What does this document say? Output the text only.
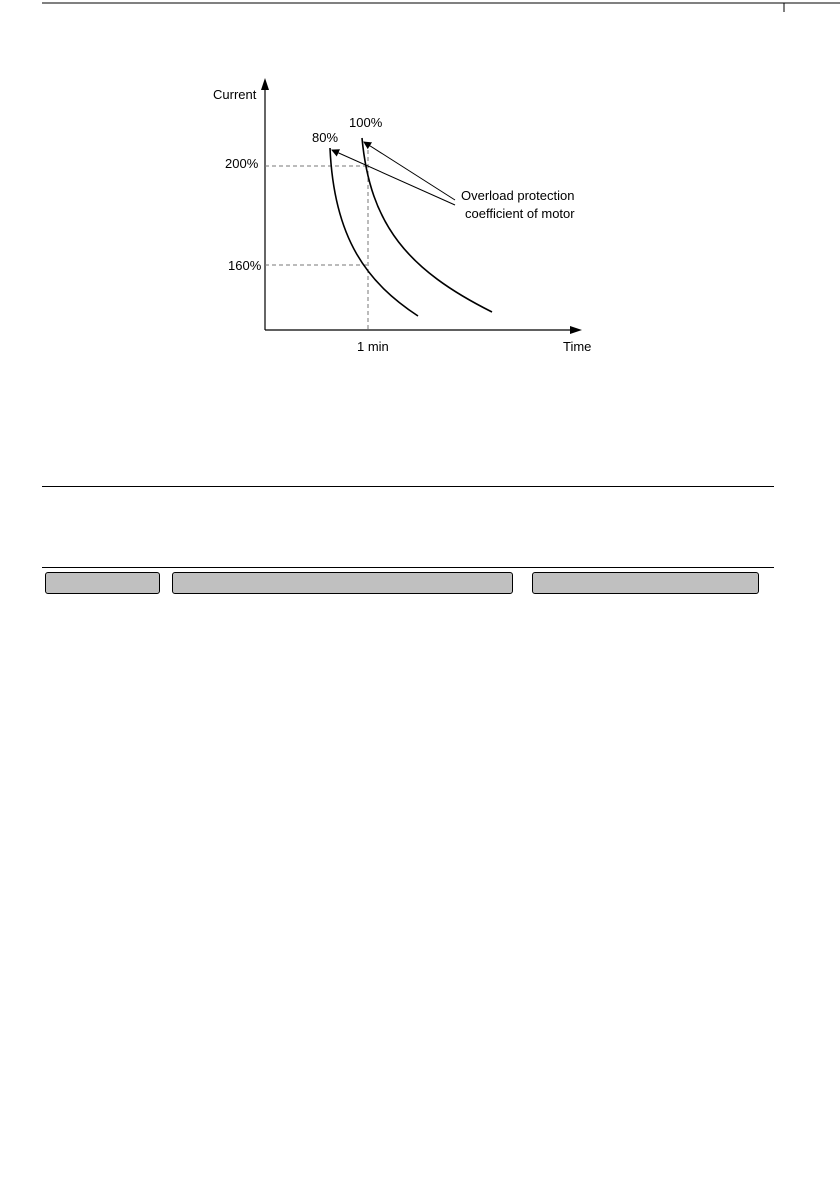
Current
Time
200%
160%
1 min
80%
100%
Overload protection
coefficient of motor
